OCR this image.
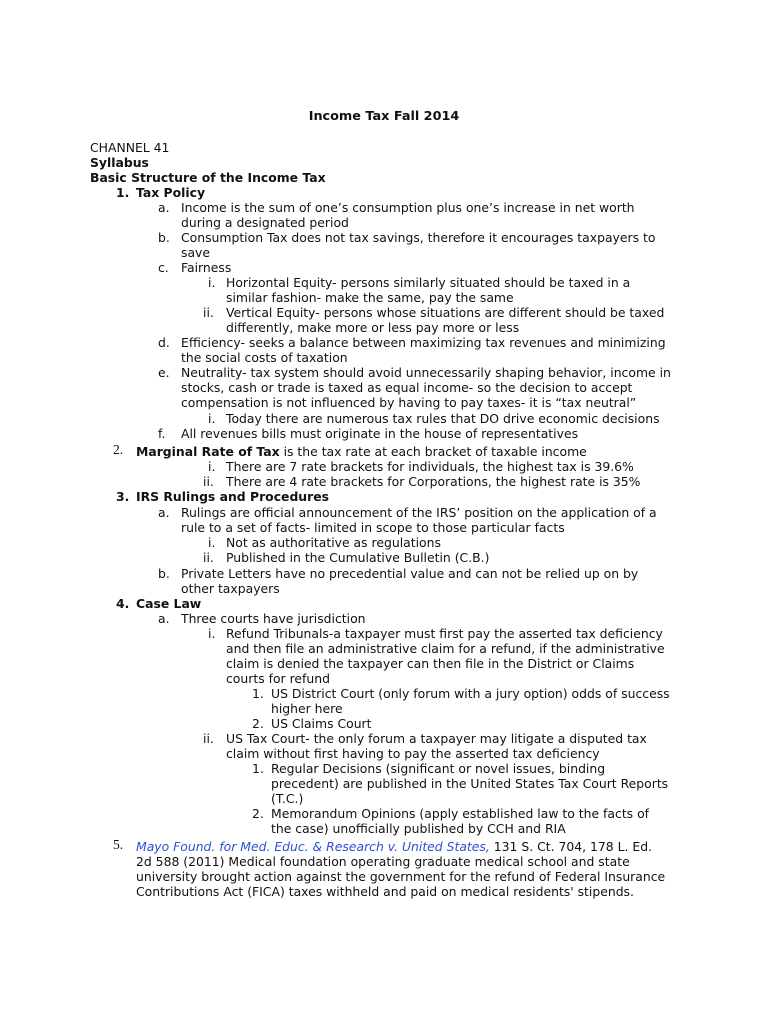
Income Tax Fall 2014
CHANNEL 41
Syllabus
Basic Structure of the Income Tax
1. Tax Policy
a. Income is the sum of one’s consumption plus one’s increase in net worth
during a designated period
b. Consumption Tax does not tax savings, therefore it encourages taxpayers to
save
c. Fairness
i. Horizontal Equity- persons similarly situated should be taxed in a
similar fashion- make the same, pay the same
ii. Vertical Equity- persons whose situations are different should be taxed
differently, make more or less pay more or less
d. Efficiency- seeks a balance between maximizing tax revenues and minimizing
the social costs of taxation
e. Neutrality- tax system should avoid unnecessarily shaping behavior, income in
stocks, cash or trade is taxed as equal income- so the decision to accept
compensation is not influenced by having to pay taxes- it is “tax neutral”
i. Today there are numerous tax rules that DO drive economic decisions
f. All revenues bills must originate in the house of representatives
2. Marginal Rate of Tax is the tax rate at each bracket of taxable income
i. There are 7 rate brackets for individuals, the highest tax is 39.6%
ii. There are 4 rate brackets for Corporations, the highest rate is 35%
3. IRS Rulings and Procedures
a. Rulings are official announcement of the IRS’ position on the application of a
rule to a set of facts- limited in scope to those particular facts
i. Not as authoritative as regulations
ii. Published in the Cumulative Bulletin (C.B.)
b. Private Letters have no precedential value and can not be relied up on by
other taxpayers
4. Case Law
a. Three courts have jurisdiction
i. Refund Tribunals-a taxpayer must first pay the asserted tax deficiency
and then file an administrative claim for a refund, if the administrative
claim is denied the taxpayer can then file in the District or Claims
courts for refund
1. US District Court (only forum with a jury option) odds of success
higher here
2. US Claims Court
ii. US Tax Court- the only forum a taxpayer may litigate a disputed tax
claim without first having to pay the asserted tax deficiency
1. Regular Decisions (significant or novel issues, binding
precedent) are published in the United States Tax Court Reports
(T.C.)
2. Memorandum Opinions (apply established law to the facts of
the case) unofficially published by CCH and RIA
5. Mayo Found. for Med. Educ. & Research v. United States, 131 S. Ct. 704, 178 L. Ed.
2d 588 (2011) Medical foundation operating graduate medical school and state
university brought action against the government for the refund of Federal Insurance
Contributions Act (FICA) taxes withheld and paid on medical residents' stipends.
